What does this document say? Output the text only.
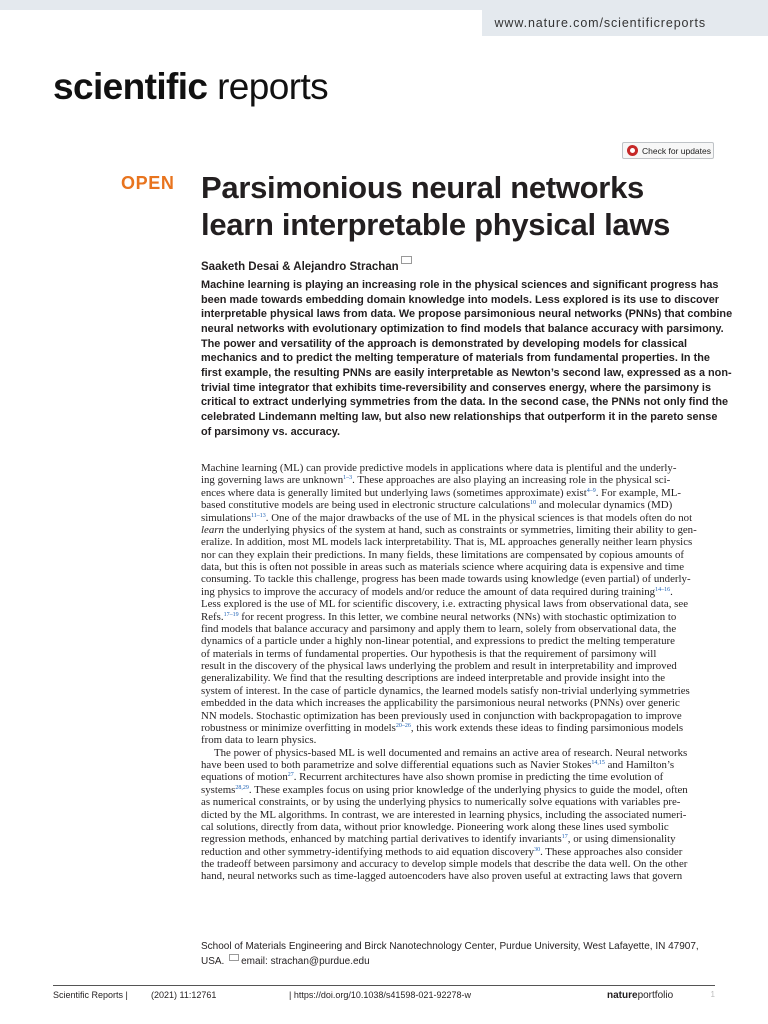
www.nature.com/scientificreports
scientific reports
Check for updates
OPEN Parsimonious neural networks
learn interpretable physical laws
Saaketh Desai & Alejandro Strachan

Machine learning is playing an increasing role in the physical sciences and significant progress has
been made towards embedding domain knowledge into models. Less explored is its use to discover
interpretable physical laws from data. We propose parsimonious neural networks (PNNs) that combine
neural networks with evolutionary optimization to find models that balance accuracy with parsimony.
The power and versatility of the approach is demonstrated by developing models for classical
mechanics and to predict the melting temperature of materials from fundamental properties. In the
first example, the resulting PNNs are easily interpretable as Newton’s second law, expressed as a non-
trivial time integrator that exhibits time-reversibility and conserves energy, where the parsimony is
critical to extract underlying symmetries from the data. In the second case, the PNNs not only find the
celebrated Lindemann melting law, but also new relationships that outperform it in the pareto sense
of parsimony vs. accuracy.

Machine learning (ML) can provide predictive models in applications where data is plentiful and the underly-
ing governing laws are unknown$^{1-3}$. These approaches are also playing an increasing role in the physical sci-
ences where data is generally limited but underlying laws (sometimes approximate) exist$^{4-9}$. For example, ML-
based constitutive models are being used in electronic structure calculations$^{10}$ and molecular dynamics (MD)
simulations$^{11-13}$. One of the major drawbacks of the use of ML in the physical sciences is that models often do not
learn the underlying physics of the system at hand, such as constraints or symmetries, limiting their ability to gen-
eralize. In addition, most ML models lack interpretability. That is, ML approaches generally neither learn physics
nor can they explain their predictions. In many fields, these limitations are compensated by copious amounts of
data, but this is often not possible in areas such as materials science where acquiring data is expensive and time
consuming. To tackle this challenge, progress has been made towards using knowledge (even partial) of underly-
ing physics to improve the accuracy of models and/or reduce the amount of data required during training$^{14-16}$.
Less explored is the use of ML for scientific discovery, i.e. extracting physical laws from observational data, see
Refs.$^{17-19}$ for recent progress. In this letter, we combine neural networks (NNs) with stochastic optimization to
find models that balance accuracy and parsimony and apply them to learn, solely from observational data, the
dynamics of a particle under a highly non-linear potential, and expressions to predict the melting temperature
of materials in terms of fundamental properties. Our hypothesis is that the requirement of parsimony will
result in the discovery of the physical laws underlying the problem and result in interpretability and improved
generalizability. We find that the resulting descriptions are indeed interpretable and provide insight into the
system of interest. In the case of particle dynamics, the learned models satisfy non-trivial underlying symmetries
embedded in the data which increases the applicability the parsimonious neural networks (PNNs) over generic
NN models. Stochastic optimization has been previously used in conjunction with backpropagation to improve
robustness or minimize overfitting in models$^{20-26}$, this work extends these ideas to finding parsimonious models
from data to learn physics.
The power of physics-based ML is well documented and remains an active area of research. Neural networks
have been used to both parametrize and solve differential equations such as Navier Stokes$^{14,15}$ and Hamilton’s
equations of motion$^{27}$. Recurrent architectures have also shown promise in predicting the time evolution of
systems$^{28,29}$. These examples focus on using prior knowledge of the underlying physics to guide the model, often
as numerical constraints, or by using the underlying physics to numerically solve equations with variables pre-
dicted by the ML algorithms. In contrast, we are interested in learning physics, including the associated numeri-
cal solutions, directly from data, without prior knowledge. Pioneering work along these lines used symbolic
regression methods, enhanced by matching partial derivatives to identify invariants$^{17}$, or using dimensionality
reduction and other symmetry-identifying methods to aid equation discovery$^{30}$. These approaches also consider
the tradeoff between parsimony and accuracy to develop simple models that describe the data well. On the other
hand, neural networks such as time-lagged autoencoders have also proven useful at extracting laws that govern
School of Materials Engineering and Birck Nanotechnology Center, Purdue University, West Lafayette, IN 47907,
USA. email: strachan@purdue.edu
Scientific Reports |	(2021) 11:12761	| https://doi.org/10.1038/s41598-021-92278-w	natureportfolio	1
